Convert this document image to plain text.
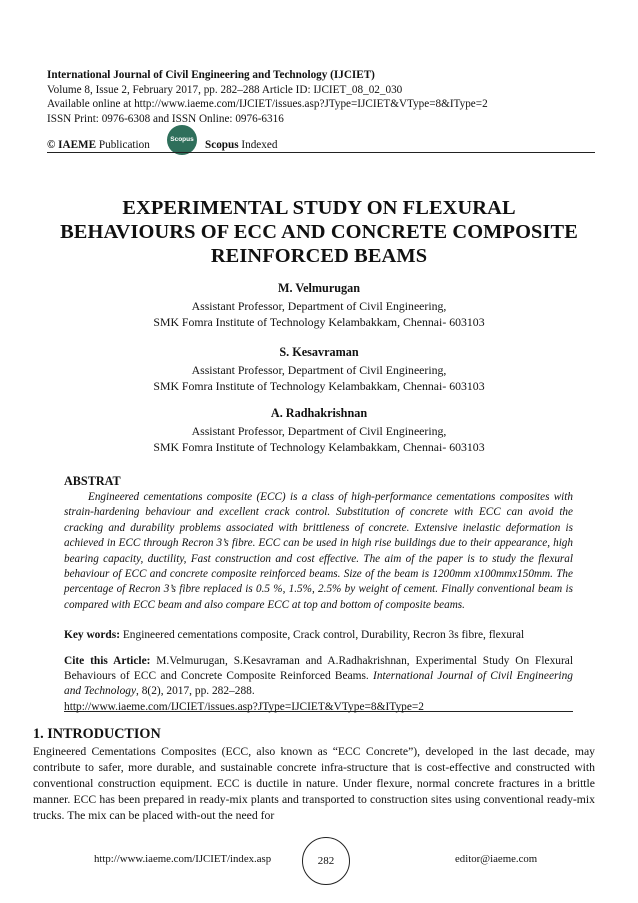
International Journal of Civil Engineering and Technology (IJCIET)
Volume 8, Issue 2, February 2017, pp. 282–288 Article ID: IJCIET_08_02_030
Available online at http://www.iaeme.com/IJCIET/issues.asp?JType=IJCIET&VType=8&IType=2
ISSN Print: 0976-6308 and ISSN Online: 0976-6316
© IAEME Publication	Scopus Scopus Indexed
EXPERIMENTAL STUDY ON FLEXURAL
BEHAVIOURS OF ECC AND CONCRETE COMPOSITE
REINFORCED BEAMS
M. Velmurugan
Assistant Professor, Department of Civil Engineering,
SMK Fomra Institute of Technology Kelambakkam, Chennai- 603103
S. Kesavraman
Assistant Professor, Department of Civil Engineering,
SMK Fomra Institute of Technology Kelambakkam, Chennai- 603103
A. Radhakrishnan
Assistant Professor, Department of Civil Engineering,
SMK Fomra Institute of Technology Kelambakkam, Chennai- 603103
ABSTRAT
Engineered cementations composite (ECC) is a class of high-performance cementations composites with strain-hardening behaviour and excellent crack control. Substitution of concrete with ECC can avoid the cracking and durability problems associated with brittleness of concrete. Extensive inelastic deformation is achieved in ECC through Recron 3’s fibre. ECC can be used in high rise buildings due to their appearance, high bearing capacity, ductility, Fast construction and cost effective. The aim of the paper is to study the flexural behaviour of ECC and concrete composite reinforced beams. Size of the beam is 1200mm x100mmx150mm. The percentage of Recron 3’s fibre replaced is 0.5 %, 1.5%, 2.5% by weight of cement. Finally conventional beam is compared with ECC beam and also compare ECC at top and bottom of composite beams.
Key words: Engineered cementations composite, Crack control, Durability, Recron 3s fibre, flexural
Cite this Article: M.Velmurugan, S.Kesavraman and A.Radhakrishnan, Experimental Study On Flexural Behaviours of ECC and Concrete Composite Reinforced Beams. International Journal of Civil Engineering and Technology, 8(2), 2017, pp. 282–288.
http://www.iaeme.com/IJCIET/issues.asp?JType=IJCIET&VType=8&IType=2
1. INTRODUCTION
Engineered Cementations Composites (ECC, also known as “ECC Concrete”), developed in the last decade, may contribute to safer, more durable, and sustainable concrete infra-structure that is cost-effective and constructed with conventional construction equipment. ECC is ductile in nature. Under flexure, normal concrete fractures in a brittle manner. ECC has been prepared in ready-mix plants and transported to construction sites using conventional ready-mix trucks. The mix can be placed with-out the need for
http://www.iaeme.com/IJCIET/index.asp	282	editor@iaeme.com
